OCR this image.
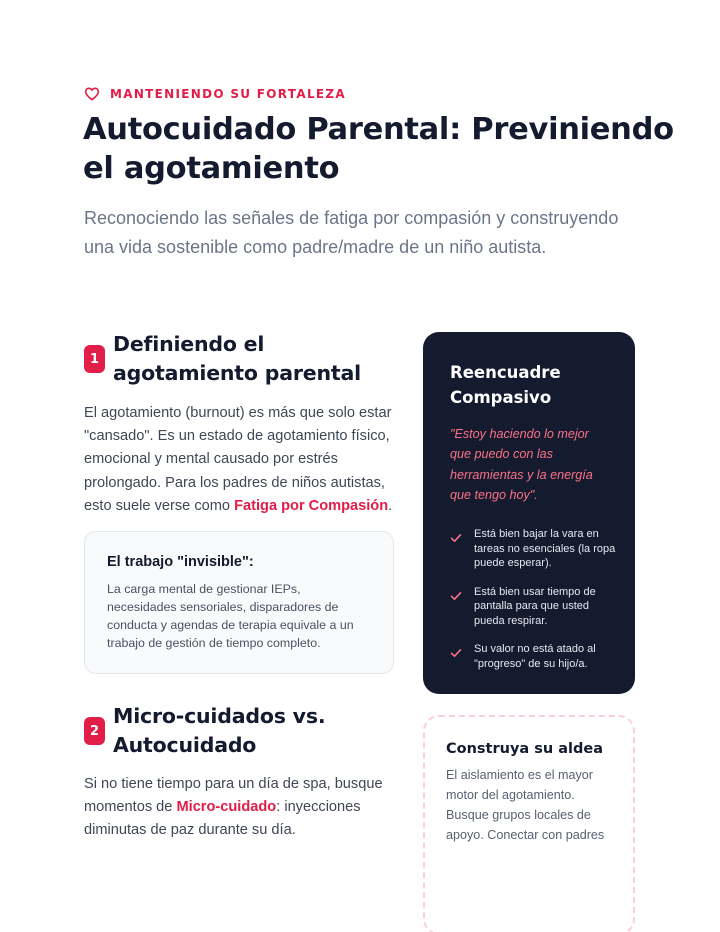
MANTENIENDO SU FORTALEZA
Autocuidado Parental: Previniendo el agotamiento

Reconociendo las señales de fatiga por compasión y construyendo una vida sostenible como padre/madre de un niño autista.

1
Definiendo el agotamiento parental

El agotamiento (burnout) es más que solo estar "cansado". Es un estado de agotamiento físico, emocional y mental causado por estrés prolongado. Para los padres de niños autistas, esto suele verse como Fatiga por Compasión.

El trabajo "invisible":

La carga mental de gestionar IEPs, necesidades sensoriales, disparadores de conducta y agendas de terapia equivale a un trabajo de gestión de tiempo completo.

2
Micro-cuidados vs. Autocuidado

Si no tiene tiempo para un día de spa, busque momentos de Micro-cuidado: inyecciones diminutas de paz durante su día.

Reencuadre Compasivo

"Estoy haciendo lo mejor que puedo con las herramientas y la energía que tengo hoy".

Está bien bajar la vara en tareas no esenciales (la ropa puede esperar).
Está bien usar tiempo de pantalla para que usted pueda respirar.
Su valor no está atado al "progreso" de su hijo/a.
Construya su aldea

El aislamiento es el mayor motor del agotamiento. Busque grupos locales de apoyo. Conectar con padres
